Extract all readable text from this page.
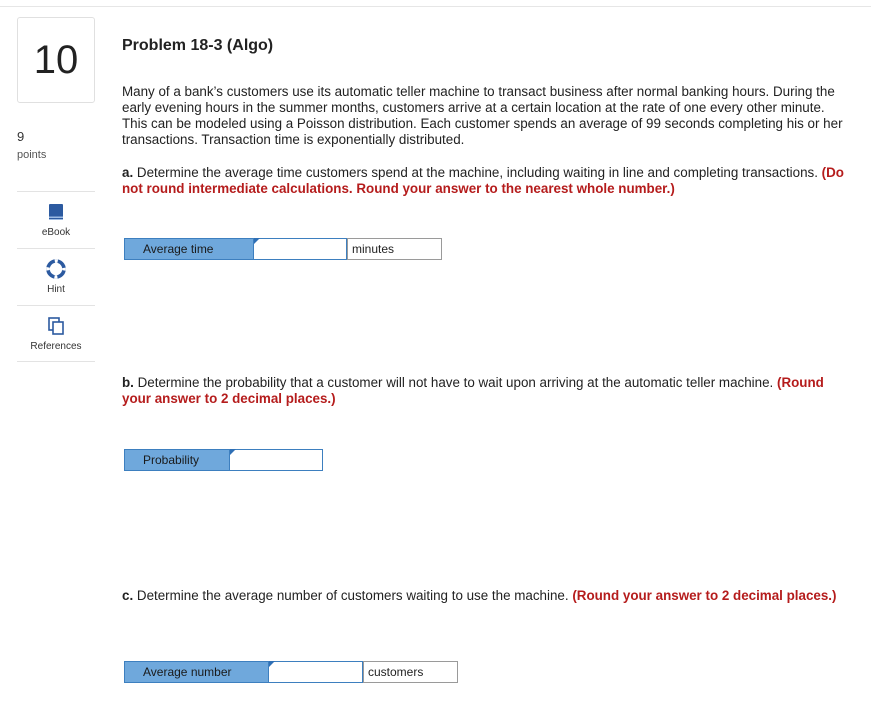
10
9
points
eBook
Hint
References
Problem 18-3 (Algo)
Many of a bank’s customers use its automatic teller machine to transact business after normal banking hours. During the early evening hours in the summer months, customers arrive at a certain location at the rate of one every other minute. This can be modeled using a Poisson distribution. Each customer spends an average of 99 seconds completing his or her transactions. Transaction time is exponentially distributed.
a. Determine the average time customers spend at the machine, including waiting in line and completing transactions. (Do not round intermediate calculations. Round your answer to the nearest whole number.)
Average time	minutes
b. Determine the probability that a customer will not have to wait upon arriving at the automatic teller machine. (Round your answer to 2 decimal places.)
Probability
c. Determine the average number of customers waiting to use the machine. (Round your answer to 2 decimal places.)
Average number	customers
